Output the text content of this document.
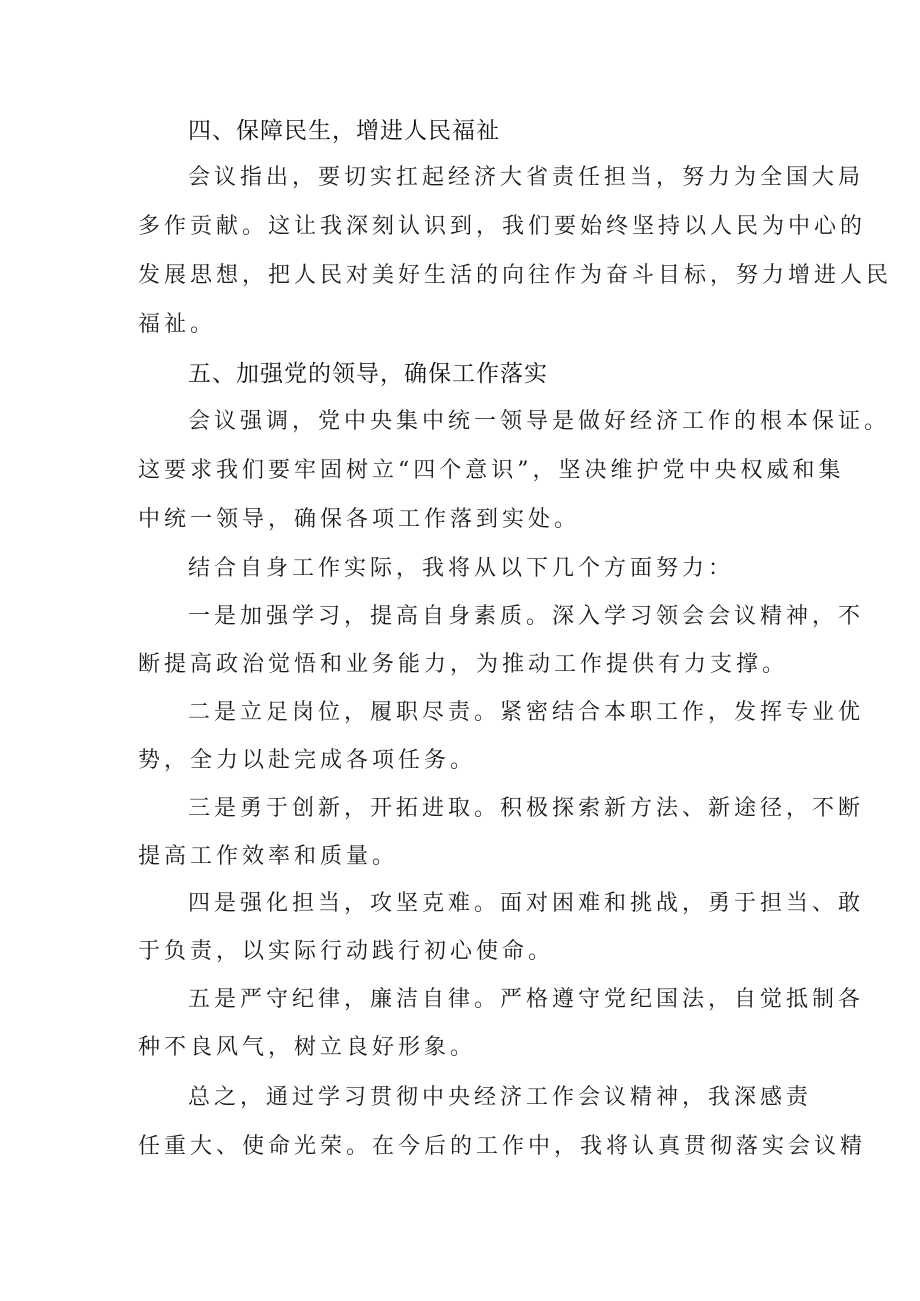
四、保障民生，增进人民福祉
会议指出，要切实扛起经济大省责任担当，努力为全国大局
多作贡献。这让我深刻认识到，我们要始终坚持以人民为中心的
发展思想，把人民对美好生活的向往作为奋斗目标，努力增进人民
福祉。
五、加强党的领导，确保工作落实
会议强调，党中央集中统一领导是做好经济工作的根本保证。
这要求我们要牢固树立“四个意识”，坚决维护党中央权威和集
中统一领导，确保各项工作落到实处。
结合自身工作实际，我将从以下几个方面努力：
一是加强学习，提高自身素质。深入学习领会会议精神，不
断提高政治觉悟和业务能力，为推动工作提供有力支撑。
二是立足岗位，履职尽责。紧密结合本职工作，发挥专业优
势，全力以赴完成各项任务。
三是勇于创新，开拓进取。积极探索新方法、新途径，不断
提高工作效率和质量。
四是强化担当，攻坚克难。面对困难和挑战，勇于担当、敢
于负责，以实际行动践行初心使命。
五是严守纪律，廉洁自律。严格遵守党纪国法，自觉抵制各
种不良风气，树立良好形象。
总之，通过学习贯彻中央经济工作会议精神，我深感责
任重大、使命光荣。在今后的工作中，我将认真贯彻落实会议精
